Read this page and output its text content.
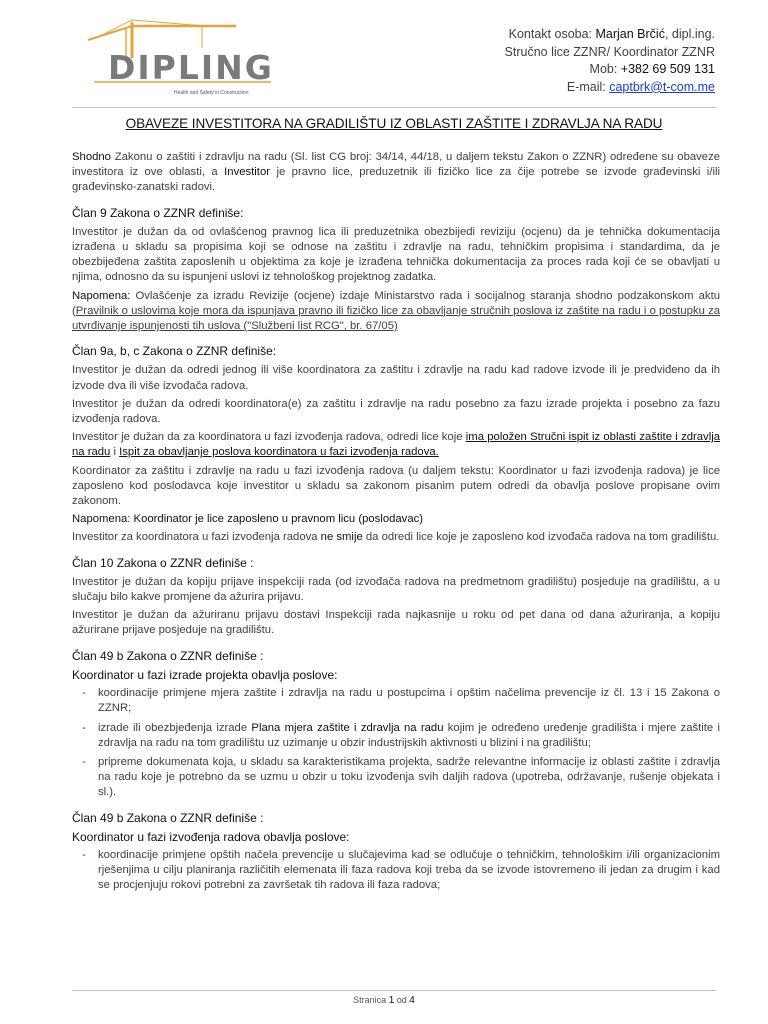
DIPLING
Health and Safety in Construction
Kontakt osoba: Marjan Brčić, dipl.ing.
Stručno lice ZZNR/ Koordinator ZZNR
Mob: +382 69 509 131
E-mail: captbrk@t-com.me
OBAVEZE INVESTITORA NA GRADILIŠTU IZ OBLASTI ZAŠTITE I ZDRAVLJA NA RADU

Shodno Zakonu o zaštiti i zdravlju na radu (Sl. list CG broj: 34/14, 44/18, u daljem tekstu Zakon o ZZNR) određene su obaveze investitora iz ove oblasti, a Investitor je pravno lice, preduzetnik ili fizičko lice za čije potrebe se izvode građevinski i/ili građevinsko-zanatski radovi.

Član 9 Zakona o ZZNR definiše:

Investitor je dužan da od ovlašćenog pravnog lica ili preduzetnika obezbijedi reviziju (ocjenu) da je tehnička dokumentacija izrađena u skladu sa propisima koji se odnose na zaštitu i zdravlje na radu, tehničkim propisima i standardima, da je obezbijeđena zaštita zaposlenih u objektima za koje je izrađena tehnička dokumentacija za proces rada koji će se obavljati u njima, odnosno da su ispunjeni uslovi iz tehnološkog projektnog zadatka.

Napomena: Ovlašćenje za izradu Revizije (ocjene) izdaje Ministarstvo rada i socijalnog staranja shodno podzakonskom aktu (Pravilnik o uslovima koje mora da ispunjava pravno ili fizičko lice za obavljanje stručnih poslova iz zaštite na radu i o postupku za utvrđivanje ispunjenosti tih uslova ("Službeni list RCG", br. 67/05)

Član 9a, b, c Zakona o ZZNR definiše:

Investitor je dužan da odredi jednog ili više koordinatora za zaštitu i zdravlje na radu kad radove izvode ili je predviđeno da ih izvode dva ili više izvođača radova.

Investitor je dužan da odredi koordinatora(e) za zaštitu i zdravlje na radu posebno za fazu izrade projekta i posebno za fazu izvođenja radova.

Investitor je dužan da za koordinatora u fazi izvođenja radova, odredi lice koje ima položen Stručni ispit iz oblasti zaštite i zdravlja na radu i Ispit za obavljanje poslova koordinatora u fazi izvođenja radova.

Koordinator za zaštitu i zdravlje na radu u fazi izvođenja radova (u daljem tekstu: Koordinator u fazi izvođenja radova) je lice zaposleno kod poslodavca koje investitor u skladu sa zakonom pisanim putem odredi da obavlja poslove propisane ovim zakonom.

Napomena: Koordinator je lice zaposleno u pravnom licu (poslodavac)

Investitor za koordinatora u fazi izvođenja radova ne smije da odredi lice koje je zaposleno kod izvođača radova na tom gradilištu.

Član 10 Zakona o ZZNR definiše :

Investitor je dužan da kopiju prijave inspekciji rada (od izvođača radova na predmetnom gradilištu) posjeduje na gradilištu, a u slučaju bilo kakve promjene da ažurira prijavu.

Investitor je dužan da ažuriranu prijavu dostavi Inspekciji rada najkasnije u roku od pet dana od dana ažuriranja, a kopiju ažurirane prijave posjeduje na gradilištu.

Član 49 b Zakona o ZZNR definiše :
Koordinator u fazi izrade projekta obavlja poslove:
- koordinacije primjene mjera zaštite i zdravlja na radu u postupcima i opštim načelima prevencije iz čl. 13 i 15 Zakona o ZZNR;
- izrade ili obezbjeđenja izrade Plana mjera zaštite i zdravlja na radu kojim je određeno uređenje gradilišta i mjere zaštite i zdravlja na radu na tom gradilištu uz uzimanje u obzir industrijskih aktivnosti u blizini i na gradilištu;
- pripreme dokumenata koja, u skladu sa karakteristikama projekta, sadrže relevantne informacije iz oblasti zaštite i zdravlja na radu koje je potrebno da se uzmu u obzir u toku izvođenja svih daljih radova (upotreba, održavanje, rušenje objekata i sl.).
Član 49 b Zakona o ZZNR definiše :
Koordinator u fazi izvođenja radova obavlja poslove:
- koordinacije primjene opštih načela prevencije u slučajevima kad se odlučuje o tehničkim, tehnološkim i/ili organizacionim rješenjima u cilju planiranja različitih elemenata ili faza radova koji treba da se izvode istovremeno ili jedan za drugim i kad se procjenjuju rokovi potrebni za završetak tih radova ili faza radova;
Stranica 1 od 4
